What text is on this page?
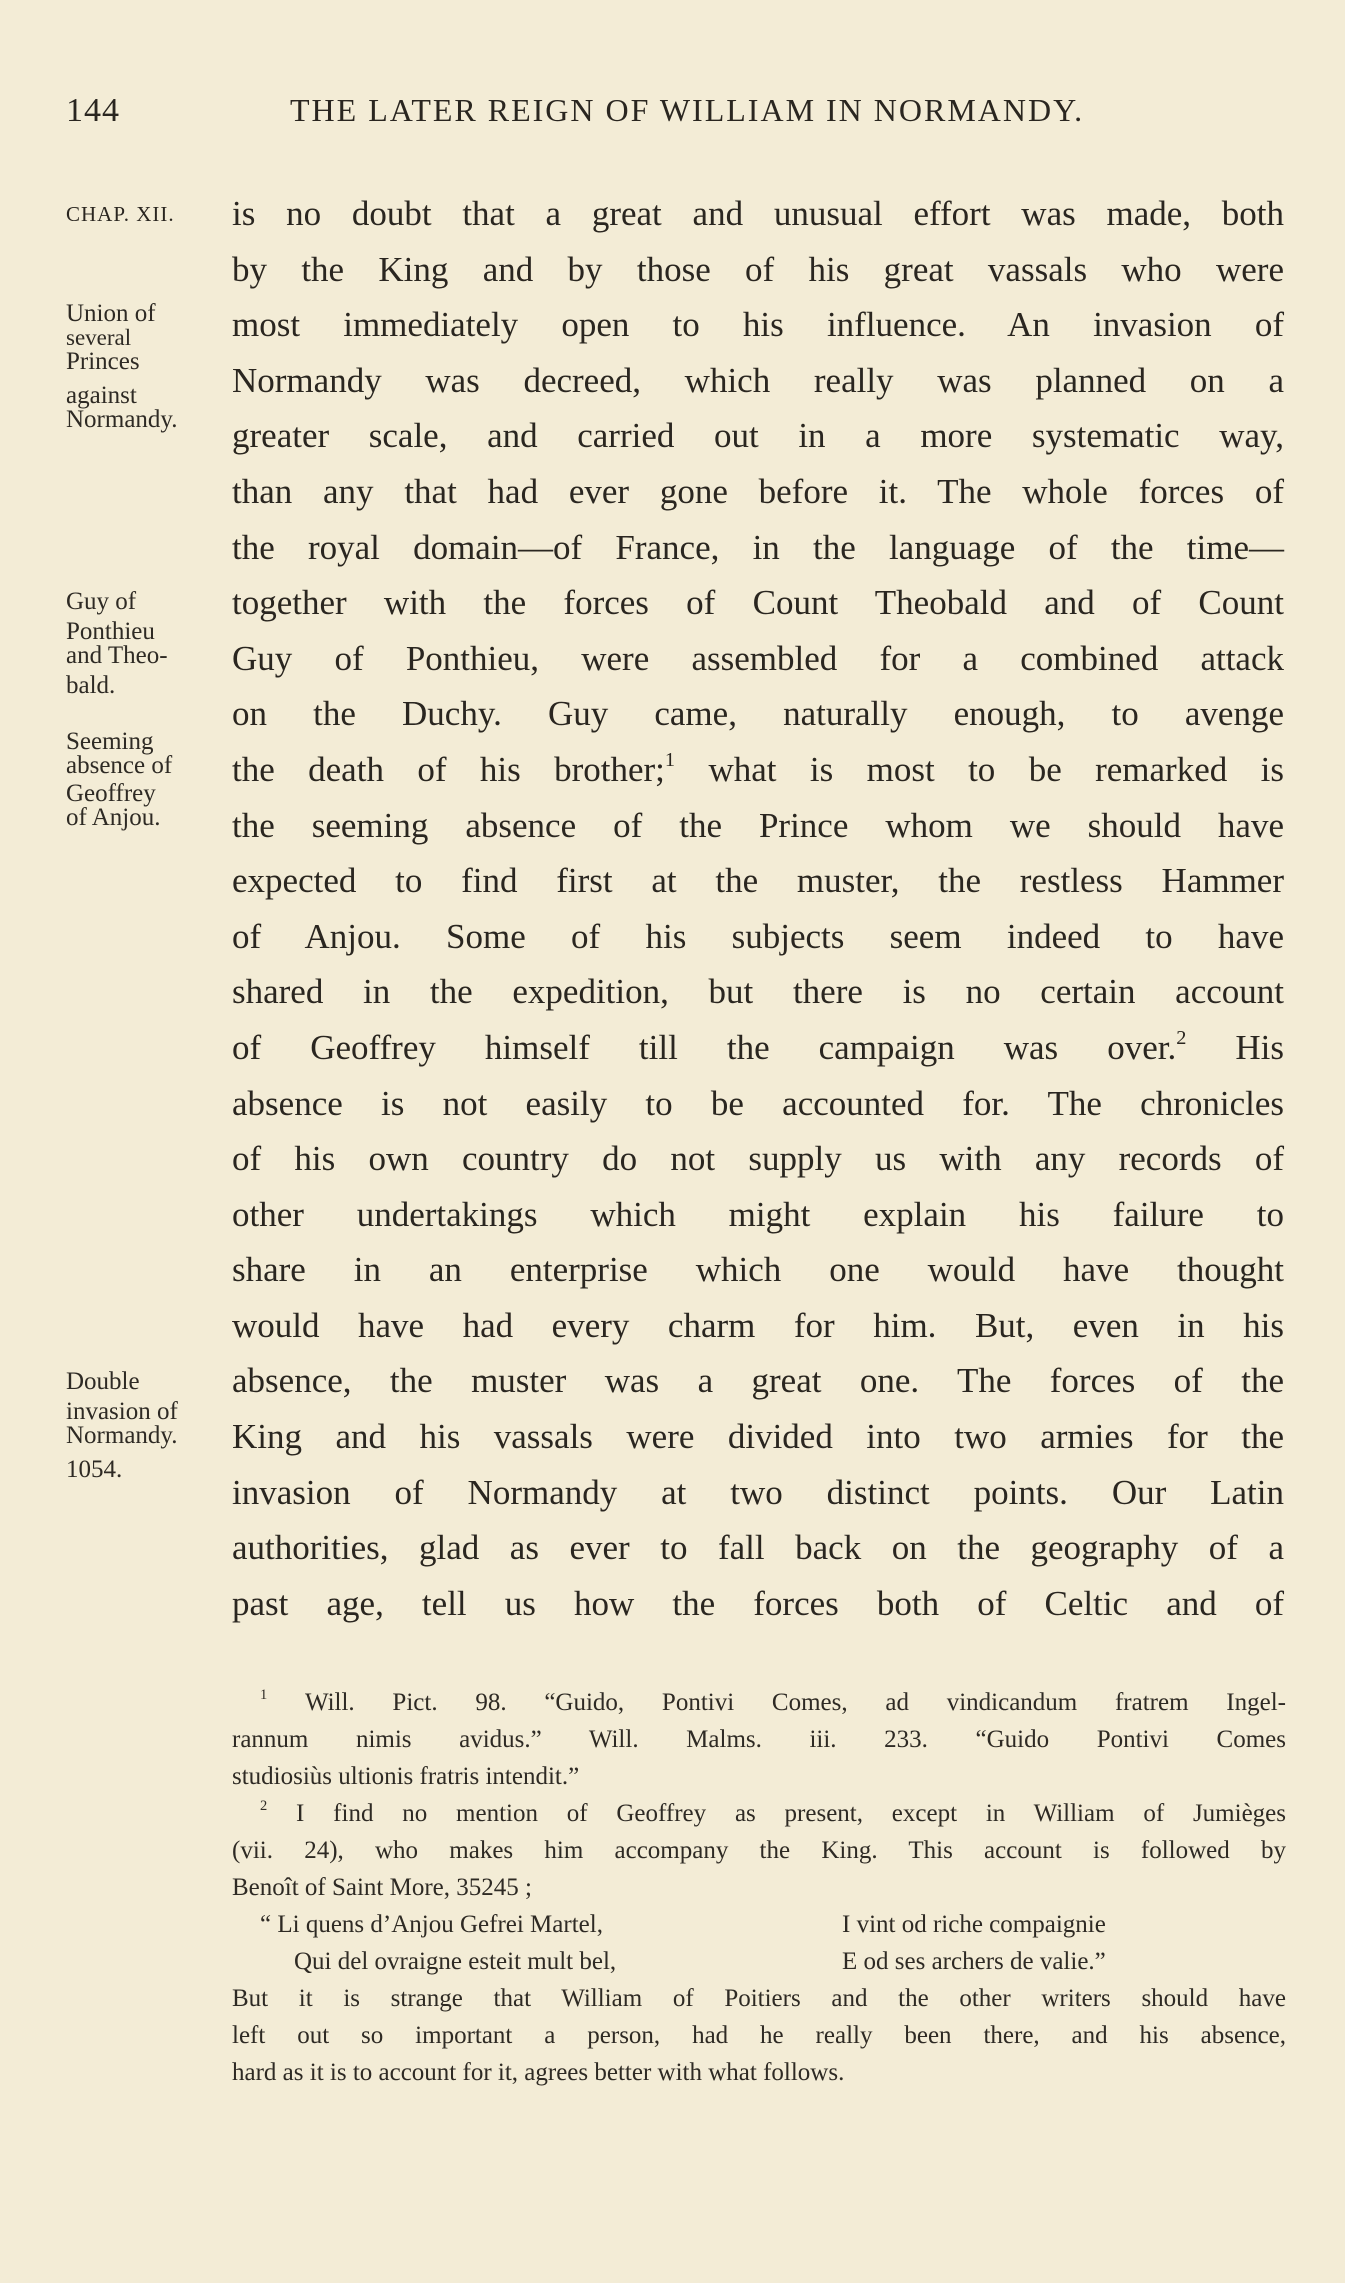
144	THE LATER REIGN OF WILLIAM IN NORMANDY.
CHAP. XII.
Union of
several
Princes
against
Normandy.
Guy of
Ponthieu
and Theo-
bald.
Seeming
absence of
Geoffrey
of Anjou.
Double
invasion of
Normandy.
1054.
is no doubt that a great and unusual effort was made, both
by the King and by those of his great vassals who were
most immediately open to his influence. An invasion of
Normandy was decreed, which really was planned on a
greater scale, and carried out in a more systematic way,
than any that had ever gone before it. The whole forces of
the royal domain—of France, in the language of the time—
together with the forces of Count Theobald and of Count
Guy of Ponthieu, were assembled for a combined attack
on the Duchy. Guy came, naturally enough, to avenge
the death of his brother;$^1$ what is most to be remarked is
the seeming absence of the Prince whom we should have
expected to find first at the muster, the restless Hammer
of Anjou. Some of his subjects seem indeed to have
shared in the expedition, but there is no certain account
of Geoffrey himself till the campaign was over.$^2$ His
absence is not easily to be accounted for. The chronicles
of his own country do not supply us with any records of
other undertakings which might explain his failure to
share in an enterprise which one would have thought
would have had every charm for him. But, even in his
absence, the muster was a great one. The forces of the
King and his vassals were divided into two armies for the
invasion of Normandy at two distinct points. Our Latin
authorities, glad as ever to fall back on the geography of a
past age, tell us how the forces both of Celtic and of
$^1$ Will. Pict. 98. “Guido, Pontivi Comes, ad vindicandum fratrem Ingel-
rannum nimis avidus.” Will. Malms. iii. 233. “Guido Pontivi Comes
studiosiùs ultionis fratris intendit.”
$^2$ I find no mention of Geoffrey as present, except in William of Jumièges
(vii. 24), who makes him accompany the King. This account is followed by
Benoît of Saint More, 35245 ;
“ Li quens d’Anjou Gefrei Martel,	I vint od riche compaignie
Qui del ovraigne esteit mult bel,	E od ses archers de valie.”
But it is strange that William of Poitiers and the other writers should have
left out so important a person, had he really been there, and his absence,
hard as it is to account for it, agrees better with what follows.
